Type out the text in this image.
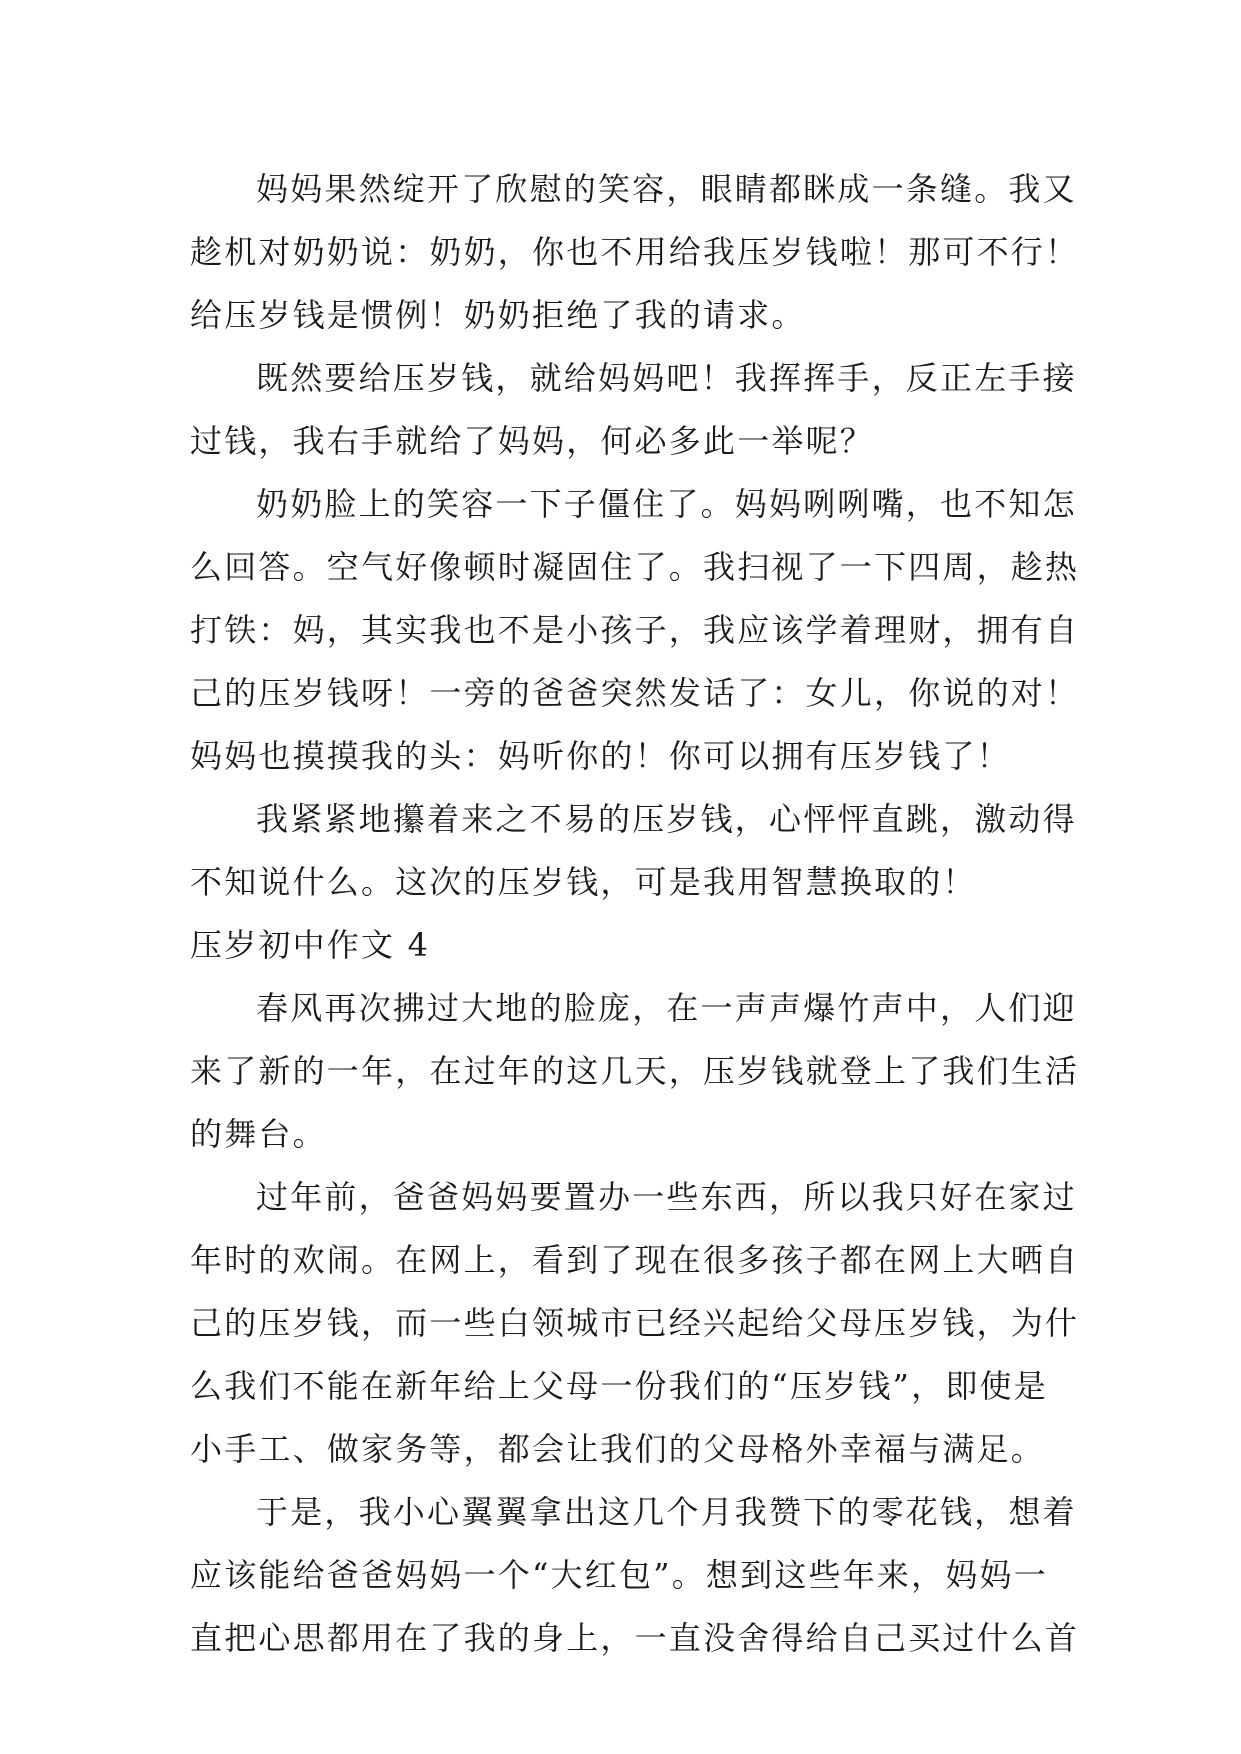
妈妈果然绽开了欣慰的笑容，眼睛都眯成一条缝。我又
趁机对奶奶说：奶奶，你也不用给我压岁钱啦！那可不行！
给压岁钱是惯例！奶奶拒绝了我的请求。
既然要给压岁钱，就给妈妈吧！我挥挥手，反正左手接
过钱，我右手就给了妈妈，何必多此一举呢？
奶奶脸上的笑容一下子僵住了。妈妈咧咧嘴，也不知怎
么回答。空气好像顿时凝固住了。我扫视了一下四周，趁热
打铁：妈，其实我也不是小孩子，我应该学着理财，拥有自
己的压岁钱呀！一旁的爸爸突然发话了：女儿，你说的对！
妈妈也摸摸我的头：妈听你的！你可以拥有压岁钱了！
我紧紧地攥着来之不易的压岁钱，心怦怦直跳，激动得
不知说什么。这次的压岁钱，可是我用智慧换取的！
压岁初中作文 4
春风再次拂过大地的脸庞，在一声声爆竹声中，人们迎
来了新的一年，在过年的这几天，压岁钱就登上了我们生活
的舞台。
过年前，爸爸妈妈要置办一些东西，所以我只好在家过
年时的欢闹。在网上，看到了现在很多孩子都在网上大晒自
己的压岁钱，而一些白领城市已经兴起给父母压岁钱，为什
么我们不能在新年给上父母一份我们的“压岁钱”，即使是
小手工、做家务等，都会让我们的父母格外幸福与满足。
于是，我小心翼翼拿出这几个月我赞下的零花钱，想着
应该能给爸爸妈妈一个“大红包”。想到这些年来，妈妈一
直把心思都用在了我的身上，一直没舍得给自己买过什么首
